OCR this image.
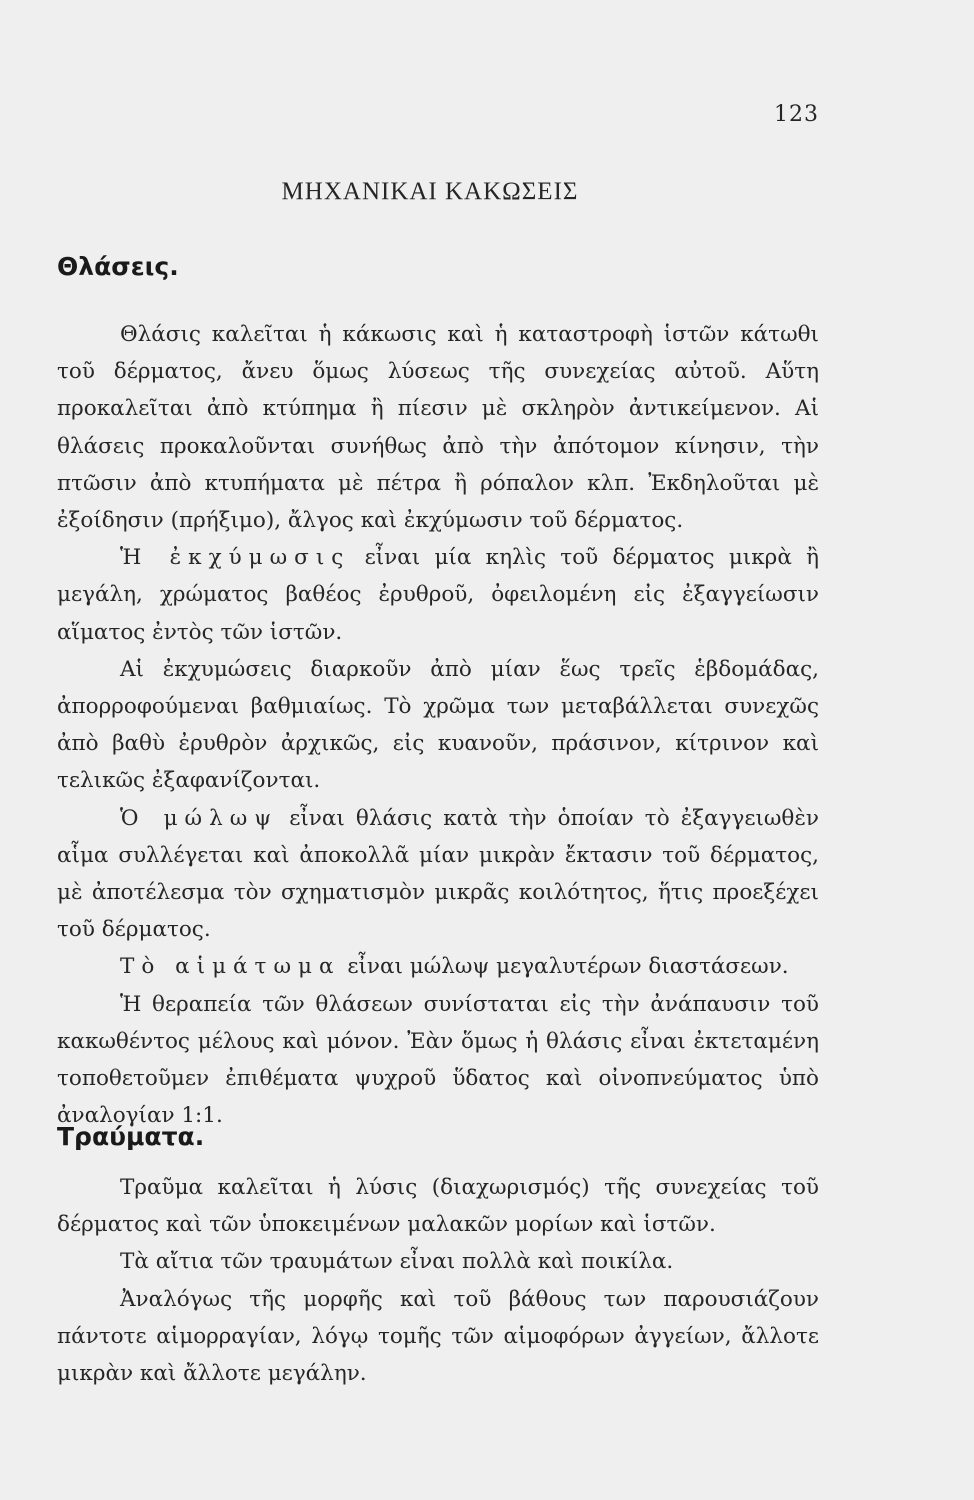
123
ΜΗΧΑΝΙΚΑΙ ΚΑΚΩΣΕΙΣ
Θλάσεις.

Θλάσις καλεῖται ἡ κάκωσις καὶ ἡ καταστροφὴ ἱστῶν κάτωθι τοῦ δέρματος, ἄνευ ὅμως λύσεως τῆς συνεχείας αὐτοῦ. Αὕτη προκαλεῖται ἀπὸ κτύπημα ἢ πίεσιν μὲ σκληρὸν ἀντικείμενον. Αἱ θλάσεις προκαλοῦνται συνήθως ἀπὸ τὴν ἀπότομον κίνησιν, τὴν πτῶσιν ἀπὸ κτυπήματα μὲ πέτρα ἢ ρόπαλον κλπ. Ἐκδηλοῦται μὲ ἐξοίδησιν (πρήξιμο), ἄλγος καὶ ἐκχύμωσιν τοῦ δέρματος.

Ἡ ἐκχύμωσις εἶναι μία κηλὶς τοῦ δέρματος μικρὰ ἢ μεγάλη, χρώματος βαθέος ἐρυθροῦ, ὀφειλομένη εἰς ἐξαγγείωσιν αἵματος ἐντὸς τῶν ἱστῶν.

Αἱ ἐκχυμώσεις διαρκοῦν ἀπὸ μίαν ἕως τρεῖς ἑβδομάδας, ἀπορροφούμεναι βαθμιαίως. Τὸ χρῶμα των μεταβάλλεται συνεχῶς ἀπὸ βαθὺ ἐρυθρὸν ἀρχικῶς, εἰς κυανοῦν, πράσινον, κίτρινον καὶ τελικῶς ἐξαφανίζονται.

Ὁ μώλωψ εἶναι θλάσις κατὰ τὴν ὁποίαν τὸ ἐξαγγειωθὲν αἷμα συλλέγεται καὶ ἀποκολλᾶ μίαν μικρὰν ἔκτασιν τοῦ δέρματος, μὲ ἀποτέλεσμα τὸν σχηματισμὸν μικρᾶς κοιλότητος, ἥτις προεξέχει τοῦ δέρματος.

Τὸ αἱμάτωμα εἶναι μώλωψ μεγαλυτέρων διαστάσεων.

Ἡ θεραπεία τῶν θλάσεων συνίσταται εἰς τὴν ἀνάπαυσιν τοῦ κακωθέντος μέλους καὶ μόνον. Ἐὰν ὅμως ἡ θλάσις εἶναι ἐκτεταμένη τοποθετοῦμεν ἐπιθέματα ψυχροῦ ὕδατος καὶ οἰνοπνεύματος ὑπὸ ἀναλογίαν 1:1.

Τραύματα.

Τραῦμα καλεῖται ἡ λύσις (διαχωρισμός) τῆς συνεχείας τοῦ δέρματος καὶ τῶν ὑποκειμένων μαλακῶν μορίων καὶ ἱστῶν.

Τὰ αἴτια τῶν τραυμάτων εἶναι πολλὰ καὶ ποικίλα.

Ἀναλόγως τῆς μορφῆς καὶ τοῦ βάθους των παρουσιάζουν πάντοτε αἱμορραγίαν, λόγῳ τομῆς τῶν αἱμοφόρων ἀγγείων, ἄλλοτε μικρὰν καὶ ἄλλοτε μεγάλην.
